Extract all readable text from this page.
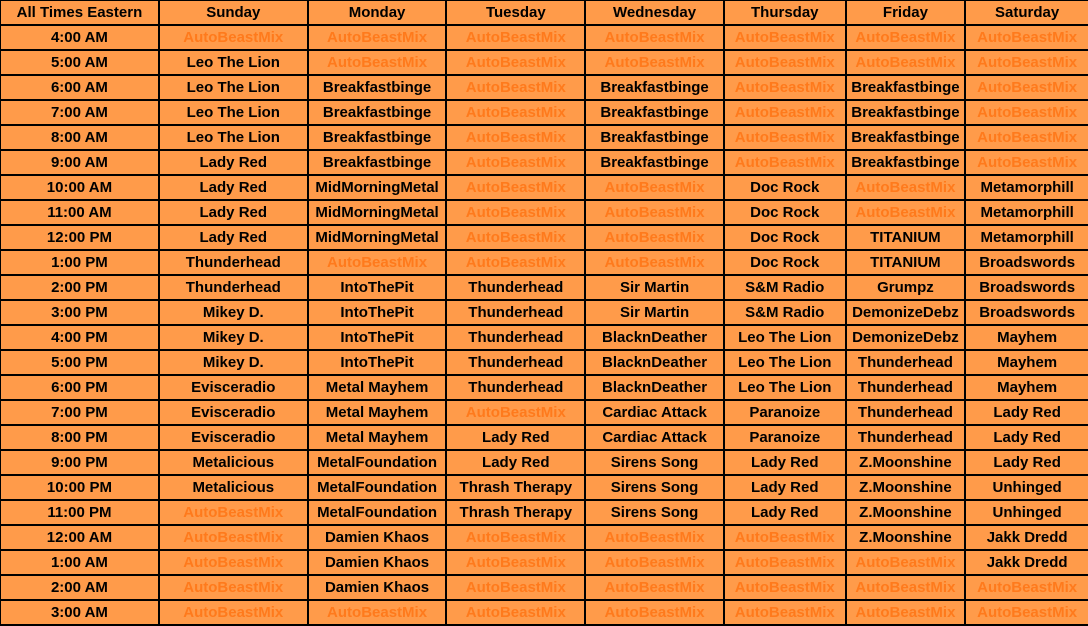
All Times Eastern	Sunday	Monday	Tuesday	Wednesday	Thursday	Friday	Saturday
4:00 AM	AutoBeastMix	AutoBeastMix	AutoBeastMix	AutoBeastMix	AutoBeastMix	AutoBeastMix	AutoBeastMix
5:00 AM	Leo The Lion	AutoBeastMix	AutoBeastMix	AutoBeastMix	AutoBeastMix	AutoBeastMix	AutoBeastMix
6:00 AM	Leo The Lion	Breakfastbinge	AutoBeastMix	Breakfastbinge	AutoBeastMix	Breakfastbinge	AutoBeastMix
7:00 AM	Leo The Lion	Breakfastbinge	AutoBeastMix	Breakfastbinge	AutoBeastMix	Breakfastbinge	AutoBeastMix
8:00 AM	Leo The Lion	Breakfastbinge	AutoBeastMix	Breakfastbinge	AutoBeastMix	Breakfastbinge	AutoBeastMix
9:00 AM	Lady Red	Breakfastbinge	AutoBeastMix	Breakfastbinge	AutoBeastMix	Breakfastbinge	AutoBeastMix
10:00 AM	Lady Red	MidMorningMetal	AutoBeastMix	AutoBeastMix	Doc Rock	AutoBeastMix	Metamorphill
11:00 AM	Lady Red	MidMorningMetal	AutoBeastMix	AutoBeastMix	Doc Rock	AutoBeastMix	Metamorphill
12:00 PM	Lady Red	MidMorningMetal	AutoBeastMix	AutoBeastMix	Doc Rock	TITANIUM	Metamorphill
1:00 PM	Thunderhead	AutoBeastMix	AutoBeastMix	AutoBeastMix	Doc Rock	TITANIUM	Broadswords
2:00 PM	Thunderhead	IntoThePit	Thunderhead	Sir Martin	S&M Radio	Grumpz	Broadswords
3:00 PM	Mikey D.	IntoThePit	Thunderhead	Sir Martin	S&M Radio	DemonizeDebz	Broadswords
4:00 PM	Mikey D.	IntoThePit	Thunderhead	BlacknDeather	Leo The Lion	DemonizeDebz	Mayhem
5:00 PM	Mikey D.	IntoThePit	Thunderhead	BlacknDeather	Leo The Lion	Thunderhead	Mayhem
6:00 PM	Evisceradio	Metal Mayhem	Thunderhead	BlacknDeather	Leo The Lion	Thunderhead	Mayhem
7:00 PM	Evisceradio	Metal Mayhem	AutoBeastMix	Cardiac Attack	Paranoize	Thunderhead	Lady Red
8:00 PM	Evisceradio	Metal Mayhem	Lady Red	Cardiac Attack	Paranoize	Thunderhead	Lady Red
9:00 PM	Metalicious	MetalFoundation	Lady Red	Sirens Song	Lady Red	Z.Moonshine	Lady Red
10:00 PM	Metalicious	MetalFoundation	Thrash Therapy	Sirens Song	Lady Red	Z.Moonshine	Unhinged
11:00 PM	AutoBeastMix	MetalFoundation	Thrash Therapy	Sirens Song	Lady Red	Z.Moonshine	Unhinged
12:00 AM	AutoBeastMix	Damien Khaos	AutoBeastMix	AutoBeastMix	AutoBeastMix	Z.Moonshine	Jakk Dredd
1:00 AM	AutoBeastMix	Damien Khaos	AutoBeastMix	AutoBeastMix	AutoBeastMix	AutoBeastMix	Jakk Dredd
2:00 AM	AutoBeastMix	Damien Khaos	AutoBeastMix	AutoBeastMix	AutoBeastMix	AutoBeastMix	AutoBeastMix
3:00 AM	AutoBeastMix	AutoBeastMix	AutoBeastMix	AutoBeastMix	AutoBeastMix	AutoBeastMix	AutoBeastMix
